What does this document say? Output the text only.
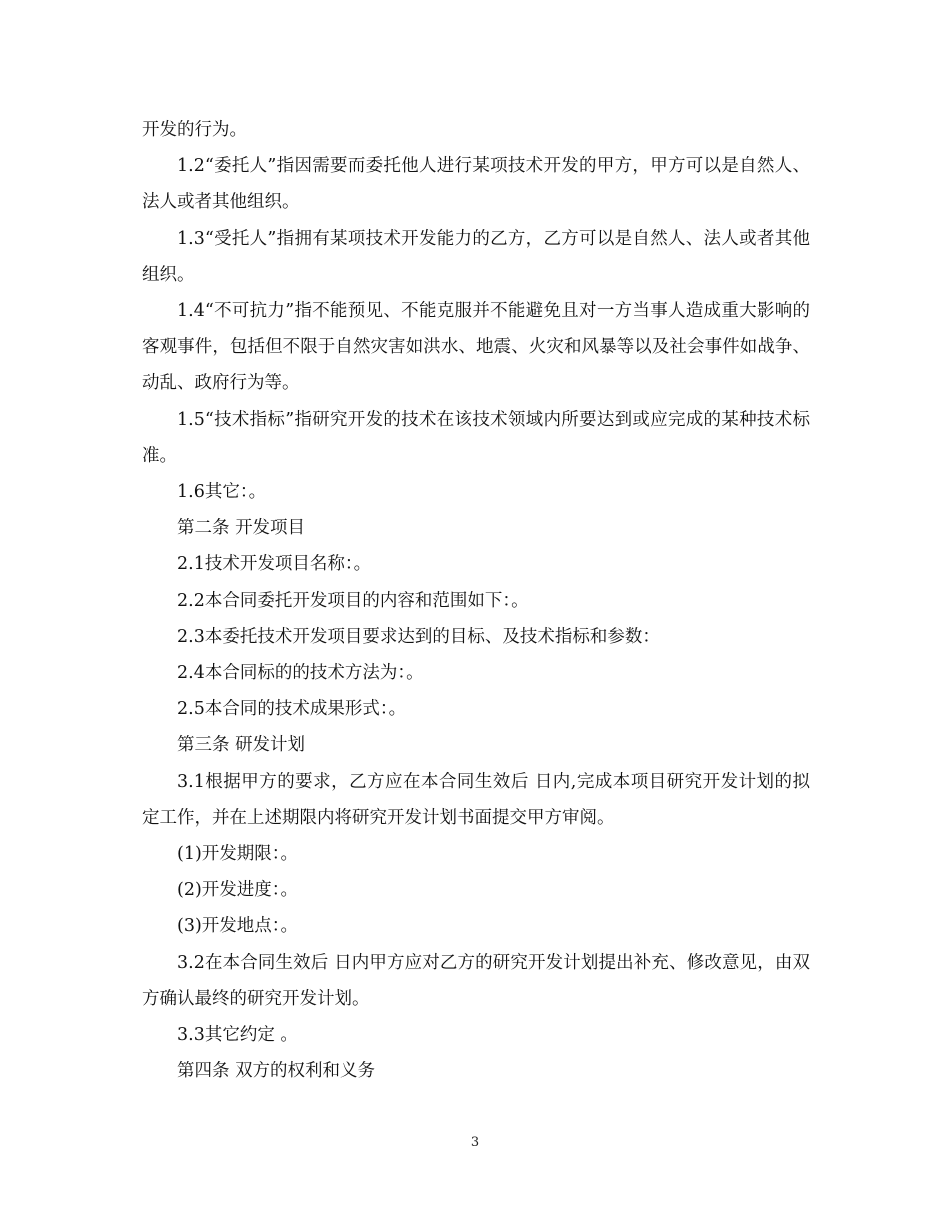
开发的行为。

1.2“委托人”指因需要而委托他人进行某项技术开发的甲方，甲方可以是自然人、法人或者其他组织。

1.3“受托人”指拥有某项技术开发能力的乙方，乙方可以是自然人、法人或者其他组织。

1.4“不可抗力”指不能预见、不能克服并不能避免且对一方当事人造成重大影响的客观事件，包括但不限于自然灾害如洪水、地震、火灾和风暴等以及社会事件如战争、动乱、政府行为等。

1.5“技术指标”指研究开发的技术在该技术领域内所要达到或应完成的某种技术标准。

1.6其它：。

第二条 开发项目

2.1技术开发项目名称：。

2.2本合同委托开发项目的内容和范围如下：。

2.3本委托技术开发项目要求达到的目标、及技术指标和参数：

2.4本合同标的的技术方法为：。

2.5本合同的技术成果形式：。

第三条 研发计划

3.1根据甲方的要求，乙方应在本合同生效后 日内,完成本项目研究开发计划的拟定工作，并在上述期限内将研究开发计划书面提交甲方审阅。

(1)开发期限：。

(2)开发进度：。

(3)开发地点：。

3.2在本合同生效后 日内甲方应对乙方的研究开发计划提出补充、修改意见，由双方确认最终的研究开发计划。

3.3其它约定 。

第四条 双方的权利和义务

3
